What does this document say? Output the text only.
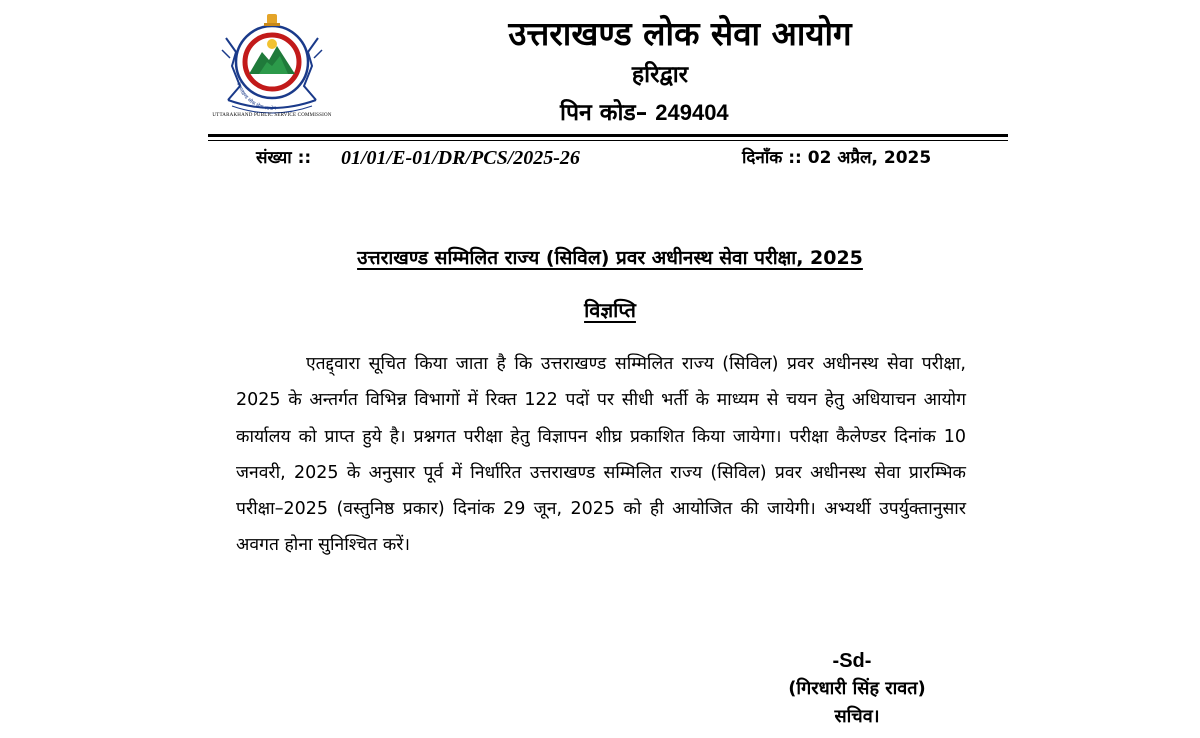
उत्तराखण्ड लोक सेवा आयोग
UTTARAKHAND PUBLIC SERVICE COMMISSION
उत्तराखण्ड लोक सेवा आयोग
हरिद्वार
पिन कोड– 249404
संख्या :: 01/01/E-01/DR/PCS/2025-26	दिनाँक :: 02 अप्रैल, 2025
उत्तराखण्ड सम्मिलित राज्य (सिविल) प्रवर अधीनस्थ सेवा परीक्षा, 2025
विज्ञप्ति

एतद्द्वारा सूचित किया जाता है कि उत्तराखण्ड सम्मिलित राज्य (सिविल) प्रवर अधीनस्थ सेवा परीक्षा, 2025 के अन्तर्गत विभिन्न विभागों में रिक्त 122 पदों पर सीधी भर्ती के माध्यम से चयन हेतु अधियाचन आयोग कार्यालय को प्राप्त हुये है। प्रश्नगत परीक्षा हेतु विज्ञापन शीघ्र प्रकाशित किया जायेगा। परीक्षा कैलेण्डर दिनांक 10 जनवरी, 2025 के अनुसार पूर्व में निर्धारित उत्तराखण्ड सम्मिलित राज्य (सिविल) प्रवर अधीनस्थ सेवा प्रारम्भिक परीक्षा–2025 (वस्तुनिष्ठ प्रकार) दिनांक 29 जून, 2025 को ही आयोजित की जायेगी। अभ्यर्थी उपर्युक्तानुसार अवगत होना सुनिश्चित करें।

-Sd-
(गिरधारी सिंह रावत)
सचिव।
